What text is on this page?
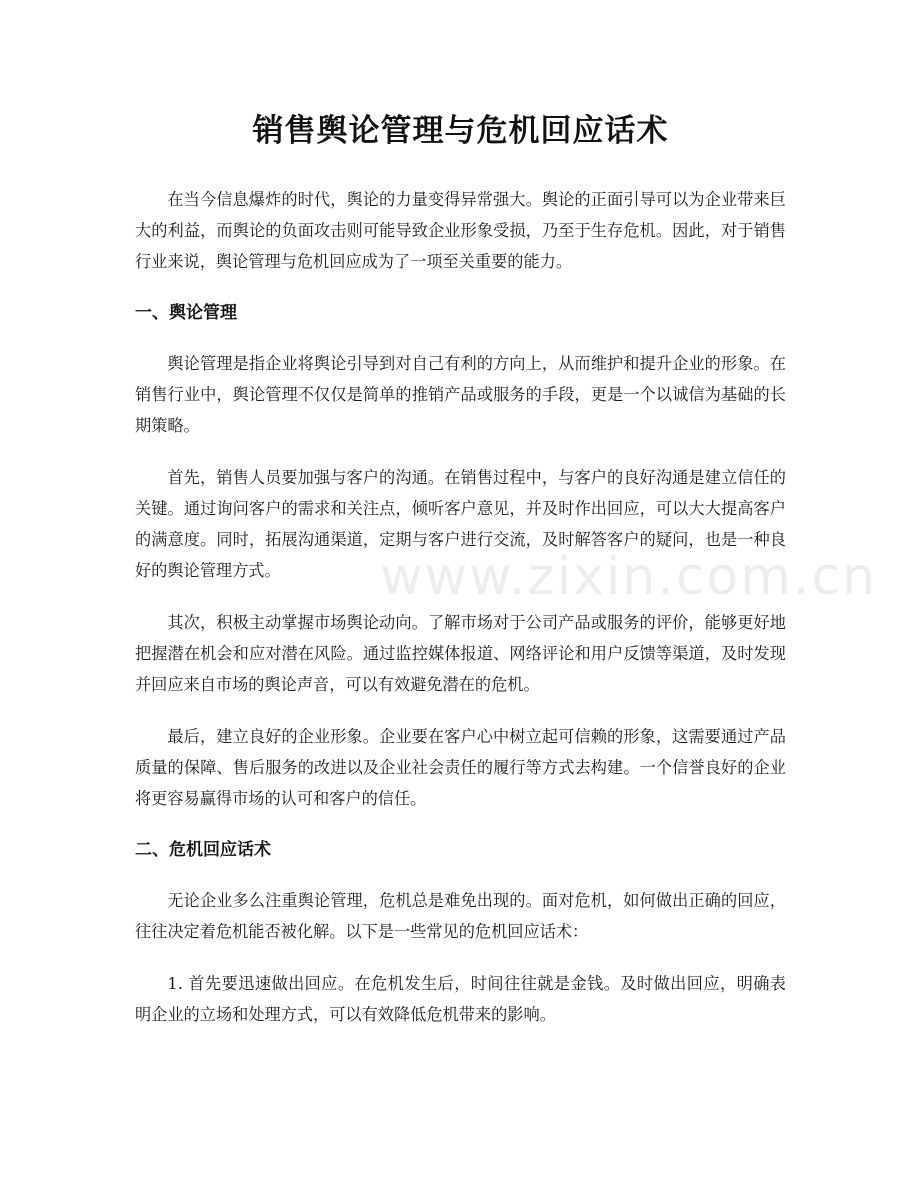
销售舆论管理与危机回应话术

在当今信息爆炸的时代，舆论的力量变得异常强大。舆论的正面引导可以为企业带来巨大的利益，而舆论的负面攻击则可能导致企业形象受损，乃至于生存危机。因此，对于销售行业来说，舆论管理与危机回应成为了一项至关重要的能力。

一、舆论管理

舆论管理是指企业将舆论引导到对自己有利的方向上，从而维护和提升企业的形象。在销售行业中，舆论管理不仅仅是简单的推销产品或服务的手段，更是一个以诚信为基础的长期策略。

首先，销售人员要加强与客户的沟通。在销售过程中，与客户的良好沟通是建立信任的关键。通过询问客户的需求和关注点，倾听客户意见，并及时作出回应，可以大大提高客户的满意度。同时，拓展沟通渠道，定期与客户进行交流，及时解答客户的疑问，也是一种良好的舆论管理方式。

其次，积极主动掌握市场舆论动向。了解市场对于公司产品或服务的评价，能够更好地把握潜在机会和应对潜在风险。通过监控媒体报道、网络评论和用户反馈等渠道，及时发现并回应来自市场的舆论声音，可以有效避免潜在的危机。

最后，建立良好的企业形象。企业要在客户心中树立起可信赖的形象，这需要通过产品质量的保障、售后服务的改进以及企业社会责任的履行等方式去构建。一个信誉良好的企业将更容易赢得市场的认可和客户的信任。

二、危机回应话术

无论企业多么注重舆论管理，危机总是难免出现的。面对危机，如何做出正确的回应，往往决定着危机能否被化解。以下是一些常见的危机回应话术：

1. 首先要迅速做出回应。在危机发生后，时间往往就是金钱。及时做出回应，明确表明企业的立场和处理方式，可以有效降低危机带来的影响。

www.zixin.com.cn
